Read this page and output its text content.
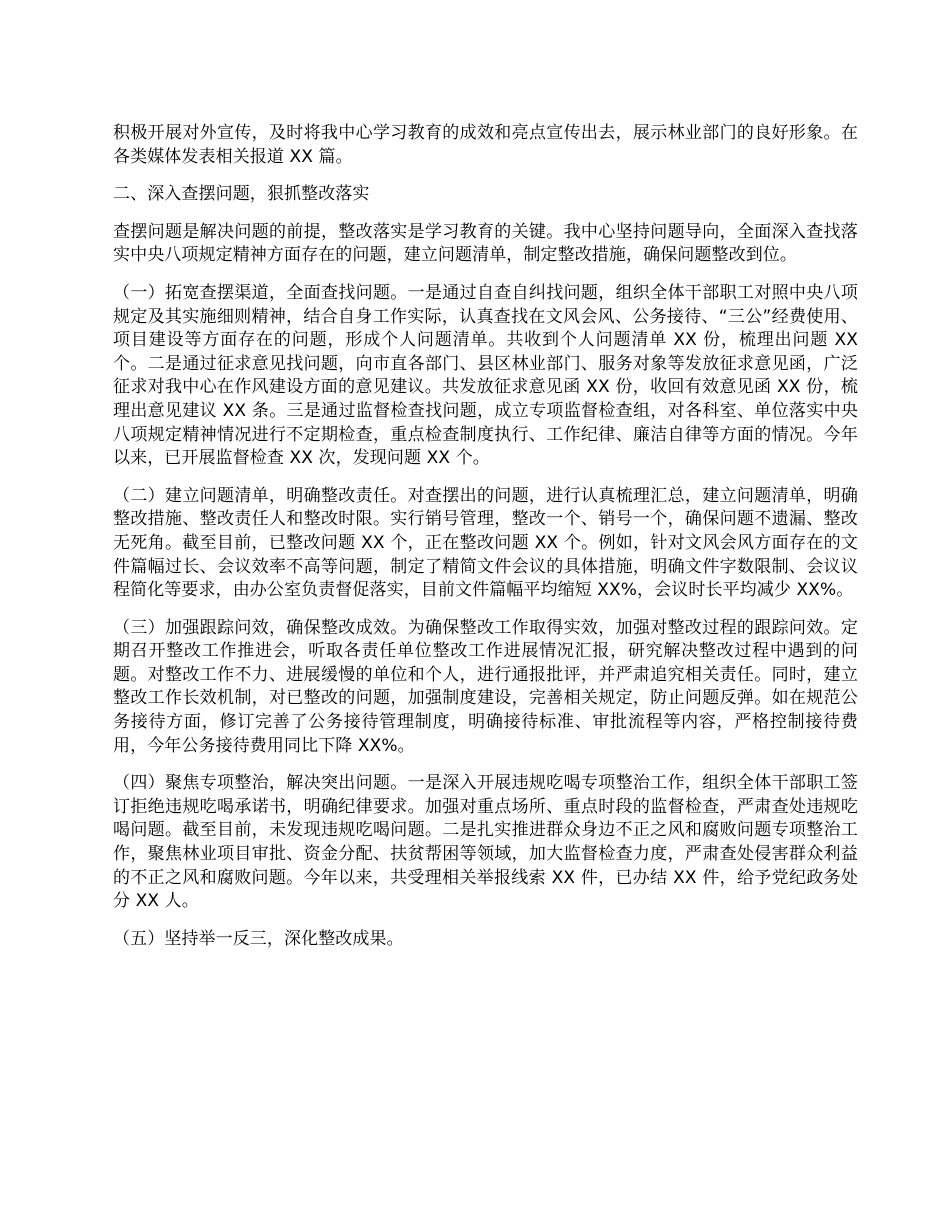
积极开展对外宣传，及时将我中心学习教育的成效和亮点宣传出去，展示林业部门的良好形象。在各类媒体发表相关报道 XX 篇。

二、深入查摆问题，狠抓整改落实

查摆问题是解决问题的前提，整改落实是学习教育的关键。我中心坚持问题导向，全面深入查找落实中央八项规定精神方面存在的问题，建立问题清单，制定整改措施，确保问题整改到位。

（一）拓宽查摆渠道，全面查找问题。一是通过自查自纠找问题，组织全体干部职工对照中央八项规定及其实施细则精神，结合自身工作实际，认真查找在文风会风、公务接待、“三公”经费使用、项目建设等方面存在的问题，形成个人问题清单。共收到个人问题清单 XX 份，梳理出问题 XX 个。二是通过征求意见找问题，向市直各部门、县区林业部门、服务对象等发放征求意见函，广泛征求对我中心在作风建设方面的意见建议。共发放征求意见函 XX 份，收回有效意见函 XX 份，梳理出意见建议 XX 条。三是通过监督检查找问题，成立专项监督检查组，对各科室、单位落实中央八项规定精神情况进行不定期检查，重点检查制度执行、工作纪律、廉洁自律等方面的情况。今年以来，已开展监督检查 XX 次，发现问题 XX 个。

（二）建立问题清单，明确整改责任。对查摆出的问题，进行认真梳理汇总，建立问题清单，明确整改措施、整改责任人和整改时限。实行销号管理，整改一个、销号一个，确保问题不遗漏、整改无死角。截至目前，已整改问题 XX 个，正在整改问题 XX 个。例如，针对文风会风方面存在的文件篇幅过长、会议效率不高等问题，制定了精简文件会议的具体措施，明确文件字数限制、会议议程简化等要求，由办公室负责督促落实，目前文件篇幅平均缩短 XX%，会议时长平均减少 XX%。

（三）加强跟踪问效，确保整改成效。为确保整改工作取得实效，加强对整改过程的跟踪问效。定期召开整改工作推进会，听取各责任单位整改工作进展情况汇报，研究解决整改过程中遇到的问题。对整改工作不力、进展缓慢的单位和个人，进行通报批评，并严肃追究相关责任。同时，建立整改工作长效机制，对已整改的问题，加强制度建设，完善相关规定，防止问题反弹。如在规范公务接待方面，修订完善了公务接待管理制度，明确接待标准、审批流程等内容，严格控制接待费用，今年公务接待费用同比下降 XX%。

（四）聚焦专项整治，解决突出问题。一是深入开展违规吃喝专项整治工作，组织全体干部职工签订拒绝违规吃喝承诺书，明确纪律要求。加强对重点场所、重点时段的监督检查，严肃查处违规吃喝问题。截至目前，未发现违规吃喝问题。二是扎实推进群众身边不正之风和腐败问题专项整治工作，聚焦林业项目审批、资金分配、扶贫帮困等领域，加大监督检查力度，严肃查处侵害群众利益的不正之风和腐败问题。今年以来，共受理相关举报线索 XX 件，已办结 XX 件，给予党纪政务处分 XX 人。

（五）坚持举一反三，深化整改成果。
